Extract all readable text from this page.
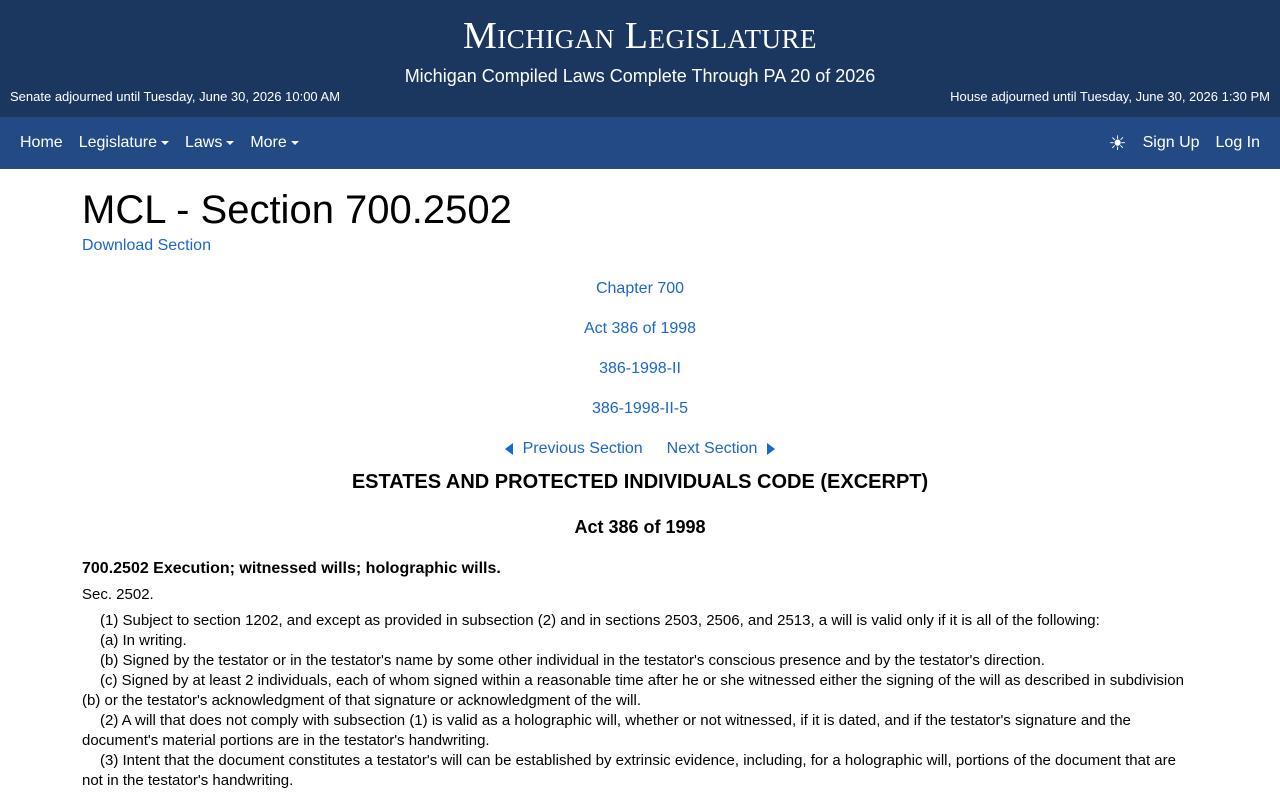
Michigan Legislature
Michigan Compiled Laws Complete Through PA 20 of 2026
Senate adjourned until Tuesday, June 30, 2026 10:00 AM	House adjourned until Tuesday, June 30, 2026 1:30 PM
Home Legislature Laws More	☀ Sign Up Log In
MCL - Section 700.2502
Download Section
Chapter 700
Act 386 of 1998
386-1998-II
386-1998-II-5
Previous Section Next Section
ESTATES AND PROTECTED INDIVIDUALS CODE (EXCERPT)
Act 386 of 1998
700.2502 Execution; witnessed wills; holographic wills.
Sec. 2502.

(1) Subject to section 1202, and except as provided in subsection (2) and in sections 2503, 2506, and 2513, a will is valid only if it is all of the following:

(a) In writing.

(b) Signed by the testator or in the testator's name by some other individual in the testator's conscious presence and by the testator's direction.

(c) Signed by at least 2 individuals, each of whom signed within a reasonable time after he or she witnessed either the signing of the will as described in subdivision (b) or the testator's acknowledgment of that signature or acknowledgment of the will.

(2) A will that does not comply with subsection (1) is valid as a holographic will, whether or not witnessed, if it is dated, and if the testator's signature and the document's material portions are in the testator's handwriting.

(3) Intent that the document constitutes a testator's will can be established by extrinsic evidence, including, for a holographic will, portions of the document that are not in the testator's handwriting.
